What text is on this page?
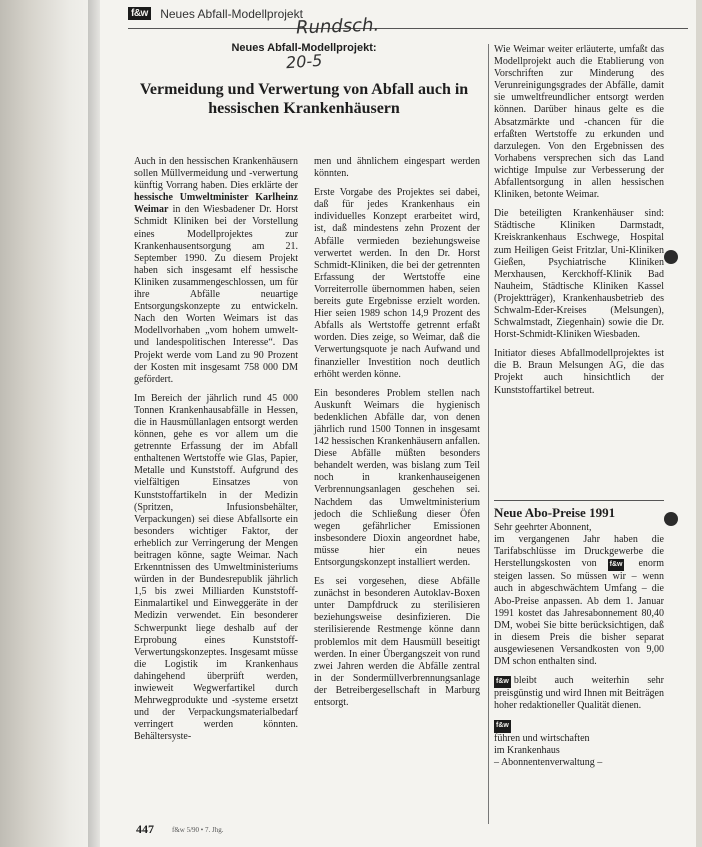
f&w Neues Abfall-Modellprojekt
Rundsch.
20-5
Neues Abfall-Modellprojekt:
Vermeidung und Verwertung von Abfall auch in hessischen Krankenhäusern

Auch in den hessischen Krankenhäusern sollen Müllvermeidung und -verwertung künftig Vorrang haben. Dies erklärte der hessische Umweltminister Karlheinz Weimar in den Wiesbadener Dr. Horst Schmidt Kliniken bei der Vorstellung eines Modellprojektes zur Krankenhausentsorgung am 21. September 1990. Zu diesem Projekt haben sich insgesamt elf hessische Kliniken zusammengeschlossen, um für ihre Abfälle neuartige Entsorgungskonzepte zu entwickeln. Nach den Worten Weimars ist das Modellvorhaben „vom hohem umwelt- und landespolitischen Interesse“. Das Projekt werde vom Land zu 90 Prozent der Kosten mit insgesamt 758 000 DM gefördert.

Im Bereich der jährlich rund 45 000 Tonnen Krankenhausabfälle in Hessen, die in Hausmüllanlagen entsorgt werden können, gehe es vor allem um die getrennte Erfassung der im Abfall enthaltenen Wertstoffe wie Glas, Papier, Metalle und Kunststoff. Aufgrund des vielfältigen Einsatzes von Kunststoffartikeln in der Medizin (Spritzen, Infusionsbehälter, Verpackungen) sei diese Abfallsorte ein besonders wichtiger Faktor, der erheblich zur Verringerung der Mengen beitragen könne, sagte Weimar. Nach Erkenntnissen des Umweltministeriums würden in der Bundesrepublik jährlich 1,5 bis zwei Milliarden Kunststoff-Einmalartikel und Einweggeräte in der Medizin verwendet. Ein besonderer Schwerpunkt liege deshalb auf der Erprobung eines Kunststoff-Verwertungskonzeptes. Insgesamt müsse die Logistik im Krankenhaus dahingehend überprüft werden, inwieweit Wegwerfartikel durch Mehrwegprodukte und -systeme ersetzt und der Verpackungsmaterialbedarf verringert werden könnten. Behältersyste-

men und ähnlichem eingespart werden könnten.

Erste Vorgabe des Projektes sei dabei, daß für jedes Krankenhaus ein individuelles Konzept erarbeitet wird, ist, daß mindestens zehn Prozent der Abfälle vermieden beziehungsweise verwertet werden. In den Dr. Horst Schmidt-Kliniken, die bei der getrennten Erfassung der Wertstoffe eine Vorreiterrolle übernommen haben, seien bereits gute Ergebnisse erzielt worden. Hier seien 1989 schon 14,9 Prozent des Abfalls als Wertstoffe getrennt erfaßt worden. Dies zeige, so Weimar, daß die Verwertungsquote je nach Aufwand und finanzieller Investition noch deutlich erhöht werden könne.

Ein besonderes Problem stellen nach Auskunft Weimars die hygienisch bedenklichen Abfälle dar, von denen jährlich rund 1500 Tonnen in insgesamt 142 hessischen Krankenhäusern anfallen. Diese Abfälle müßten besonders behandelt werden, was bislang zum Teil noch in krankenhauseigenen Verbrennungsanlagen geschehen sei. Nachdem das Umweltministerium jedoch die Schließung dieser Öfen wegen gefährlicher Emissionen insbesondere Dioxin angeordnet habe, müsse hier ein neues Entsorgungskonzept installiert werden.

Es sei vorgesehen, diese Abfälle zunächst in besonderen Autoklav-Boxen unter Dampfdruck zu sterilisieren beziehungsweise desinfizieren. Die sterilisierende Restmenge könne dann problemlos mit dem Hausmüll beseitigt werden. In einer Übergangszeit von rund zwei Jahren werden die Abfälle zentral in der Sondermüllverbrennungsanlage der Betreibergesellschaft in Marburg entsorgt.

Wie Weimar weiter erläuterte, umfaßt das Modellprojekt auch die Etablierung von Vorschriften zur Minderung des Verunreinigungsgrades der Abfälle, damit sie umweltfreundlicher entsorgt werden können. Darüber hinaus gelte es die Absatzmärkte und -chancen für die erfaßten Wertstoffe zu erkunden und darzulegen. Von den Ergebnissen des Vorhabens versprechen sich das Land wichtige Impulse zur Verbesserung der Abfallentsorgung in allen hessischen Kliniken, betonte Weimar.

Die beteiligten Krankenhäuser sind: Städtische Kliniken Darmstadt, Kreiskrankenhaus Eschwege, Hospital zum Heiligen Geist Fritzlar, Uni-Kliniken Gießen, Psychiatrische Kliniken Merxhausen, Kerckhoff-Klinik Bad Nauheim, Städtische Kliniken Kassel (Projektträger), Krankenhausbetrieb des Schwalm-Eder-Kreises (Melsungen), Schwalmstadt, Ziegenhain) sowie die Dr. Horst-Schmidt-Kliniken Wiesbaden.

Initiator dieses Abfallmodellprojektes ist die B. Braun Melsungen AG, die das Projekt auch hinsichtlich der Kunststoffartikel betreut.

Neue Abo-Preise 1991

Sehr geehrter Abonnent,
im vergangenen Jahr haben die Tarifabschlüsse im Druckgewerbe die Herstellungskosten von f&w enorm steigen lassen. So müssen wir – wenn auch in abgeschwächtem Umfang – die Abo-Preise anpassen. Ab dem 1. Januar 1991 kostet das Jahresabonnement 80,40 DM, wobei Sie bitte berücksichtigen, daß in diesem Preis die bisher separat ausgewiesenen Versandkosten von 9,00 DM schon enthalten sind.

f&w bleibt auch weiterhin sehr preisgünstig und wird Ihnen mit Beiträgen hoher redaktioneller Qualität dienen.

f&w
führen und wirtschaften
im Krankenhaus
– Abonnentenverwaltung –
447	f&w 5/90 • 7. Jhg.
